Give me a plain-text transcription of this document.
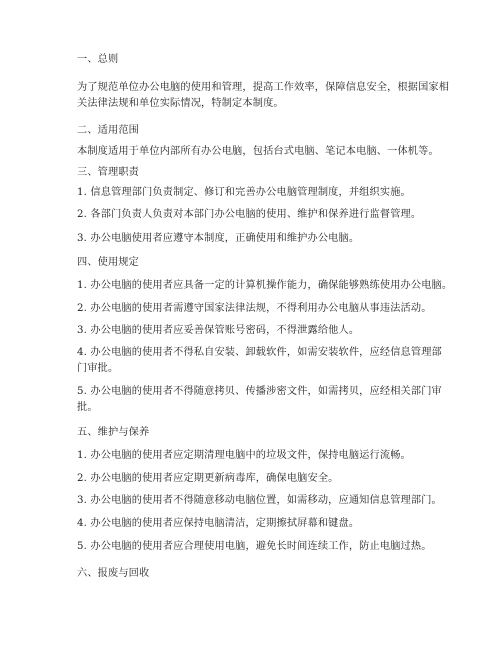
一、总则
为了规范单位办公电脑的使用和管理，提高工作效率，保障信息安全，根据国家相
关法律法规和单位实际情况，特制定本制度。
二、适用范围
本制度适用于单位内部所有办公电脑，包括台式电脑、笔记本电脑、一体机等。
三、管理职责
1. 信息管理部门负责制定、修订和完善办公电脑管理制度，并组织实施。
2. 各部门负责人负责对本部门办公电脑的使用、维护和保养进行监督管理。
3. 办公电脑使用者应遵守本制度，正确使用和维护办公电脑。
四、使用规定
1. 办公电脑的使用者应具备一定的计算机操作能力，确保能够熟练使用办公电脑。
2. 办公电脑的使用者需遵守国家法律法规，不得利用办公电脑从事违法活动。
3. 办公电脑的使用者应妥善保管账号密码，不得泄露给他人。
4. 办公电脑的使用者不得私自安装、卸载软件，如需安装软件，应经信息管理部
门审批。
5. 办公电脑的使用者不得随意拷贝、传播涉密文件，如需拷贝，应经相关部门审
批。
五、维护与保养
1. 办公电脑的使用者应定期清理电脑中的垃圾文件，保持电脑运行流畅。
2. 办公电脑的使用者应定期更新病毒库，确保电脑安全。
3. 办公电脑的使用者不得随意移动电脑位置，如需移动，应通知信息管理部门。
4. 办公电脑的使用者应保持电脑清洁，定期擦拭屏幕和键盘。
5. 办公电脑的使用者应合理使用电脑，避免长时间连续工作，防止电脑过热。
六、报废与回收
